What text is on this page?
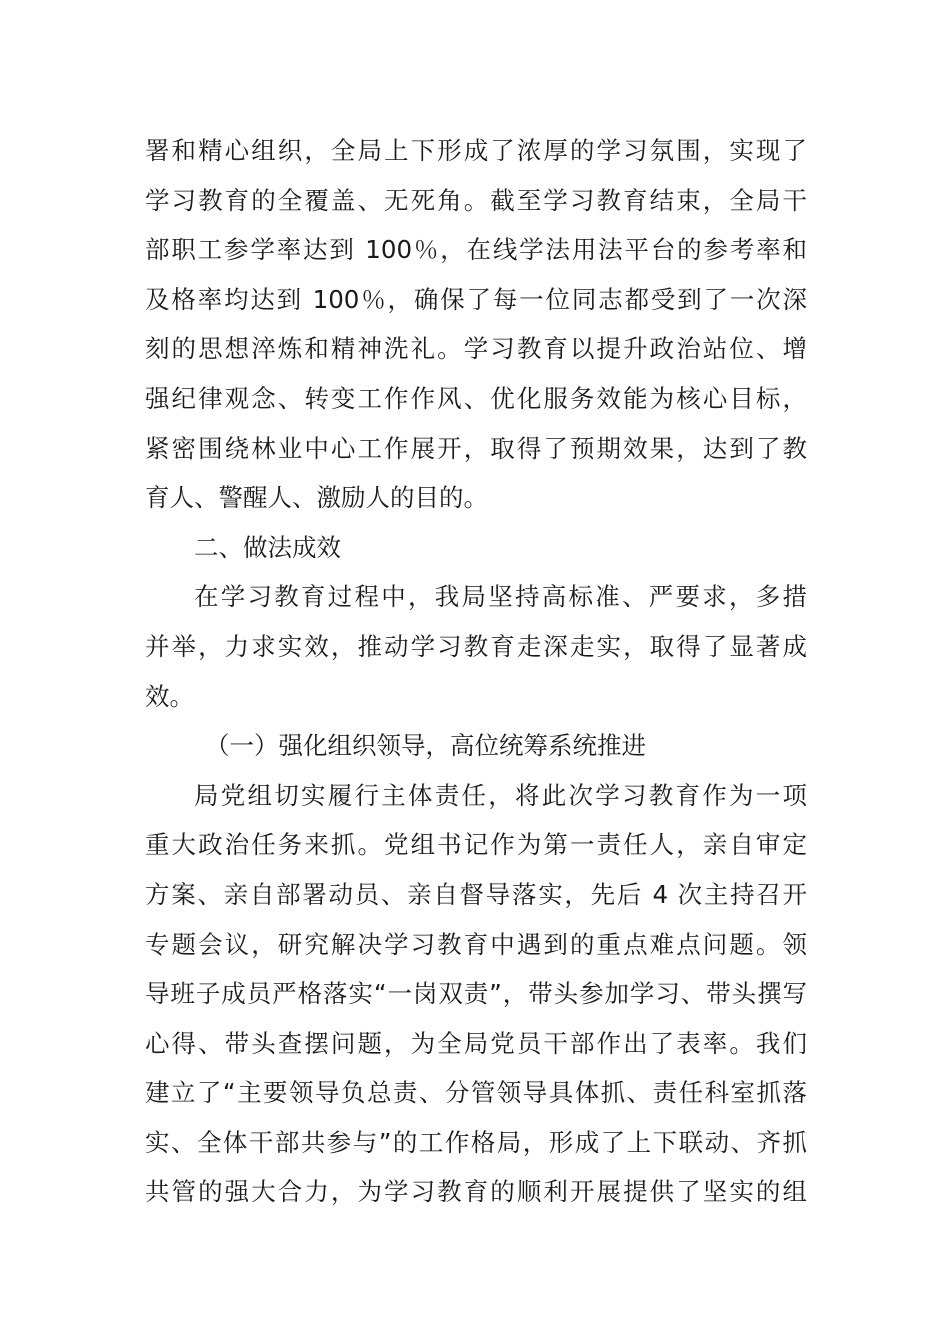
署和精心组织，全局上下形成了浓厚的学习氛围，实现了
学习教育的全覆盖、无死角。截至学习教育结束，全局干
部职工参学率达到 100％，在线学法用法平台的参考率和
及格率均达到 100％，确保了每一位同志都受到了一次深
刻的思想淬炼和精神洗礼。学习教育以提升政治站位、增
强纪律观念、转变工作作风、优化服务效能为核心目标，
紧密围绕林业中心工作展开，取得了预期效果，达到了教
育人、警醒人、激励人的目的。
二、做法成效
在学习教育过程中，我局坚持高标准、严要求，多措
并举，力求实效，推动学习教育走深走实，取得了显著成
效。
（一）强化组织领导，高位统筹系统推进
局党组切实履行主体责任，将此次学习教育作为一项
重大政治任务来抓。党组书记作为第一责任人，亲自审定
方案、亲自部署动员、亲自督导落实，先后 4 次主持召开
专题会议，研究解决学习教育中遇到的重点难点问题。领
导班子成员严格落实“一岗双责”，带头参加学习、带头撰写
心得、带头查摆问题，为全局党员干部作出了表率。我们
建立了“主要领导负总责、分管领导具体抓、责任科室抓落
实、全体干部共参与”的工作格局，形成了上下联动、齐抓
共管的强大合力，为学习教育的顺利开展提供了坚实的组
